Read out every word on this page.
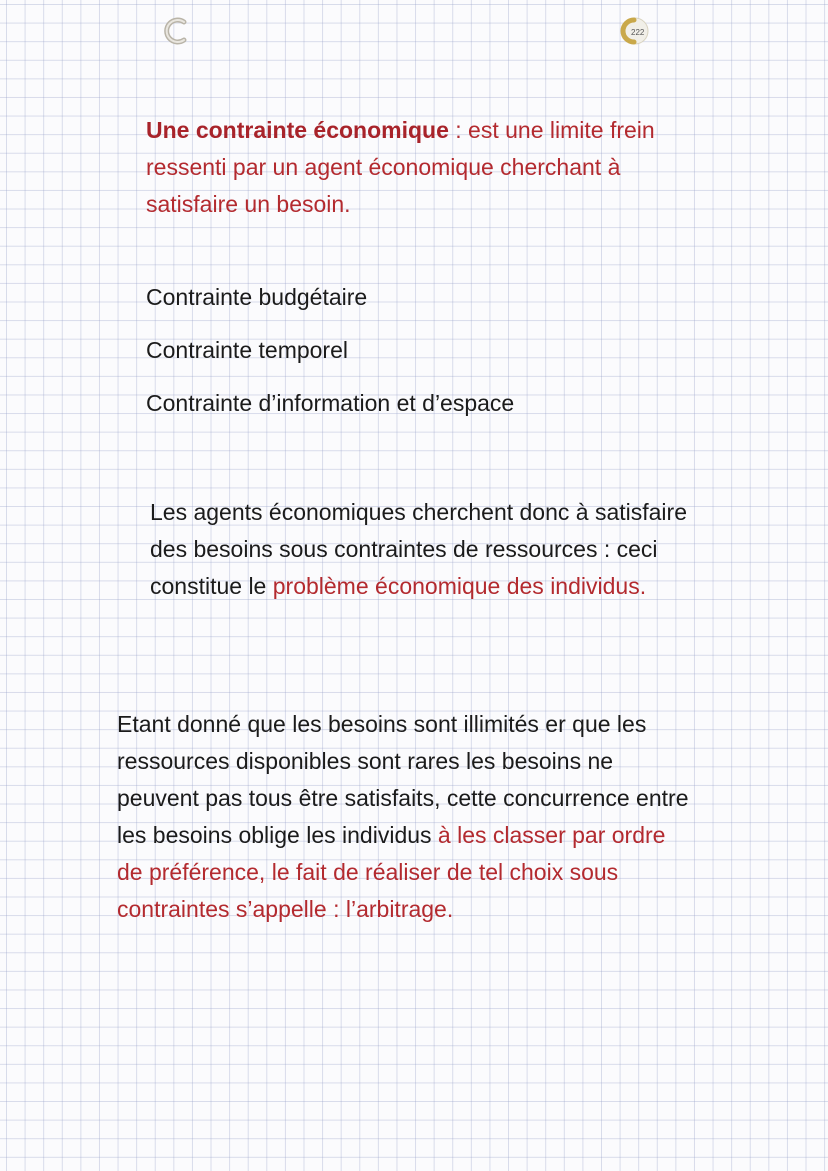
222
Une contrainte économique : est une limite frein ressenti par un agent économique cherchant à satisfaire un besoin.
Contrainte budgétaire
Contrainte temporel
Contrainte d’information et d’espace
Les agents économiques cherchent donc à satisfaire des besoins sous contraintes de ressources : ceci constitue le problème économique des individus.
Etant donné que les besoins sont illimités er que les ressources disponibles sont rares les besoins ne peuvent pas tous être satisfaits, cette concurrence entre les besoins oblige les individus à les classer par ordre de préférence, le fait de réaliser de tel choix sous contraintes s’appelle : l’arbitrage.
